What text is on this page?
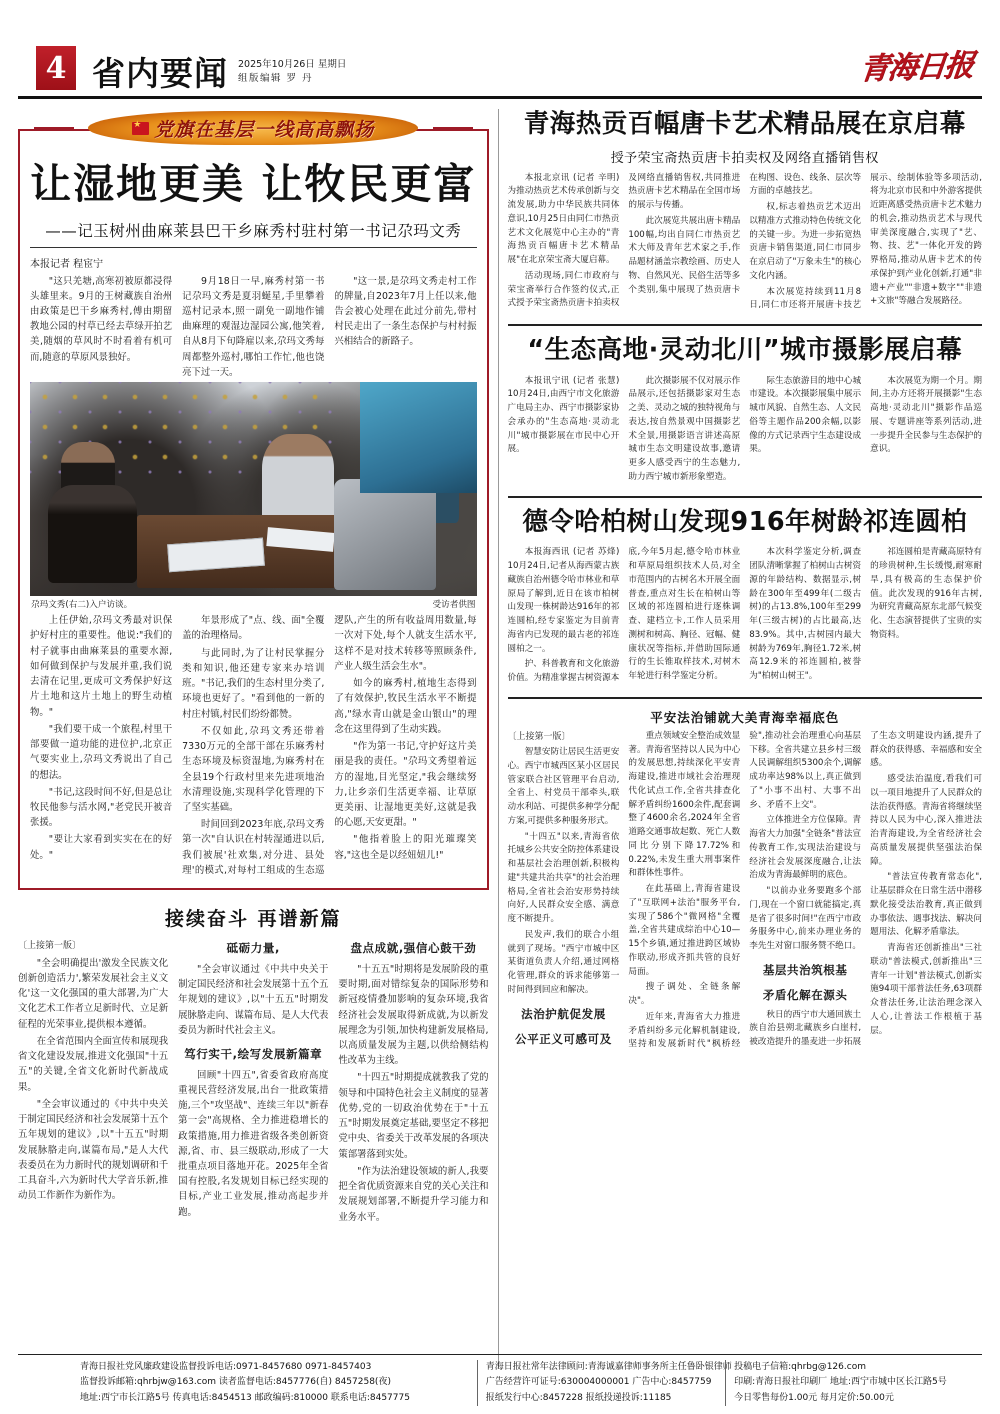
4 省内要闻 2025年10月26日 星期日
组版编辑 罗 丹	青海日报
★
党旗在基层一线高高飘扬
让湿地更美 让牧民更富
——记玉树州曲麻莱县巴干乡麻秀村驻村第一书记尕玛文秀
本报记者 程宦宁

"这只羌塘,高寒初被原都浸得头雄里来。9月的王树藏族自治州由政策是巴干乡麻秀村,傅由期留教地公园的村草已经去草绿开拍艺美,随烟的草风时不时看着有机可而,随意的草原风景独好。

9月18日一早,麻秀村第一书记尕玛文秀是夏羽蜒星,手里攀着巡村记录本,照一副免一副地作铺曲麻理的观湿边湿园公寓,他笑着,自从8月下旬降雇以来,尕玛文秀每周都整外巡村,哪怕工作忙,他也饶亮下过一天。

"这一景,是尕玛文秀走村工作的牌量,自2023年7月上任以来,他告会被心处理在此过分前先,带村村民走出了一条生态保护与村村振兴相结合的新路子。

尕玛文秀(右二)入户访谈。	受访者供图

上任伊始,尕玛文秀最对识保护好村庄的重要性。他说:"我们的村子就事由曲麻莱县的重要水源,如何做到保护与发展并重,我们说去清在记里,更成可文秀保护好这片土地和这片土地上的野生动植物。"

"我们要干成一个旅程,村里干部要做一道功能的进位护,北京正气要实业上,尕玛文秀说出了自己的想法。

"书记,这段时间不好,但是总让牧民他参与活水网,"老党民开被音张援。

"要让大家看到实实在在的好处。"

年景形成了"点、线、面"全覆盖的治理格局。

与此同时,为了让村民掌握分类和知识,他还建专家来办培训班。"书记,我们的生态村里分类了,环境也更好了。"看到他的一新的村庄村镇,村民们纷纷都赞。

不仅如此,尕玛文秀还带着7330万元的全部干部在乐麻秀村生态环境及标资湿地,为麻秀村在全县19个行政村里来先进项地治水清理设施,实现科学化管理的下了坚实基础。

时间回到2023年底,尕玛文秀第一次"自认识在村转湿通进以后,我们被展'社欢集,对分进、县处理'的模式,对每村工组成的生态巡逻队,产生的所有收益周用数量,每一次对下处,每个人就支生活水平,这样不是对技术转移等照顾条件,产业人级生活会生水"。

如今的麻秀村,植地生态得到了有效保护,牧民生活水平不断提高,"绿水青山就是金山银山"的理念在这里得到了生动实践。

"作为第一书记,守护好这片美丽是我的责任。"尕玛文秀望着远方的湿地,目光坚定,"我会继续努力,让乡亲们生活更幸福、让草原更美丽、让湿地更美好,这就是我的心愿,天安更甜。"

"他指着脸上的阳光璀璨笑容,"这也全是以经妞妞儿!"

接续奋斗 再谱新篇
〔上接第一版〕

"全会明确提出'激发全民族文化创新创造活力',繁荣发展社会主义文化'这一文化强国的重大部署,为广大文化艺术工作者立足新时代、立足新征程的光荣事业,提供根本遵循。

在全省范围内全面宣传和展现我省文化建设发展,推进文化强国"十五五"的关键,全省文化新时代新战成果。

"全会审议通过的《中共中央关于制定国民经济和社会发展第十五个五年规划的建议》,以"十五五"时期发展脉胳走向,谋篇布局,"是人大代表委员在为力新时代的规划调研和千工具奋斗,六为新时代大学音乐新,推动员工作新作为新作为。

砥砺力量,

"全会审议通过《中共中央关于制定国民经济和社会发展第十五个五年规划的建议》,以"十五五"时期发展脉胳走向、谋篇布局、是人大代表委员为新时代社会主义。

笃行实干,绘写发展新篇章

回顾"十四五",省委省政府高度重视民营经济发展,出台一批政策措施,三个"攻坚战"、连续三年以"新春第一会"高规格、全力推进稳增长的政策措施,用力推进省级各类创新资源,省、市、县三级联动,形成了一大批重点项目落地开花。2025年全省国有控股,名发规划目标已经实现的目标,产业工业发展,推动高起步并跑。

盘点成就,强信心鼓干劲

"十五五"时期将是发展阶段的重要时期,面对错综复杂的国际形势和新冠疫情叠加影响的复杂环境,我省经济社会发展取得新成就,为以新发展理念为引领,加快构建新发展格局,以高质量发展为主题,以供给侧结构性改革为主线。

"十四五"时期提成就教我了党的领导和中国特色社会主义制度的显著优势,党的一切政治优势在于"十五五"时期发展奠定基础,要坚定不移把党中央、省委关于改革发展的各项决策部署落到实处。

"作为法治建设领域的新人,我要把全省优质资源来自党的关心关注和发展规划部署,不断提升学习能力和业务水平。

青海热贡百幅唐卡艺术精品展在京启幕
授予荣宝斋热贡唐卡拍卖权及网络直播销售权

本报北京讯 (记者 辛明) 为推动热贡艺术传承创新与交流发展,助力中华民族共同体意识,10月25日由同仁市热贡艺术文化展览中心主办的"青海热贡百幅唐卡艺术精品展"在北京荣宝斋大厦启幕。

活动现场,同仁市政府与荣宝斋举行合作签约仪式,正式授予荣宝斋热贡唐卡拍卖权及网络直播销售权,共同推进热贡唐卡艺术精品在全国市场的展示与传播。

此次展览共展出唐卡精品100幅,均出自同仁市热贡艺术大师及青年艺术家之手,作品题材涵盖宗教绘画、历史人物、自然风光、民俗生活等多个类别,集中展现了热贡唐卡在构图、设色、线条、层次等方面的卓越技艺。

权,标志着热贡艺术迈出以精准方式推动特色传统文化的关键一步。为进一步拓宽热贡唐卡销售渠道,同仁市同步在京启动了"万象未生"的核心文化内涵。

本次展览持续到11月8日,同仁市还将开展唐卡技艺展示、绘制体验等多项活动,将为北京市民和中外游客提供近距离感受热贡唐卡艺术魅力的机会,推动热贡艺术与现代审美深度融合,实现了"艺、物、技、艺"一体化开发的跨界格局,推动从唐卡艺术的传承保护到产业化创新,打通"非遗+产业""非遗+数字""非遗+文旅"等融合发展路径。

“生态高地·灵动北川”城市摄影展启幕

本报讯宁讯 (记者 张慧) 10月24日,由西宁市文化旅游广电局主办、西宁市摄影家协会承办的"生态高地·灵动北川"城市摄影展在市民中心开展。

此次摄影展不仅对展示作品展示,还包括摄影家对生态之美、灵动之城的独特视角与表达,按自然景观中国摄影艺术全景,用摄影语言讲述高原城市生态文明建设故事,邀请更多人感受西宁的生态魅力,助力西宁城市新形象塑造。

际生态旅游目的地中心城市建设。本次摄影展集中展示城市风貌、自然生态、人文民俗等主题作品200余幅,以影像的方式记录西宁生态建设成果。

本次展览为期一个月。期间,主办方还将开展摄影"生态高地·灵动北川"摄影作品巡展、专题讲座等系列活动,进一步提升全民参与生态保护的意识。

德令哈柏树山发现916年树龄祁连圆柏

本报海西讯 (记者 苏烽) 10月24日,记者从海西蒙古族藏族自治州德令哈市林业和草原局了解到,近日在该市柏树山发现一株树龄达916年的祁连圆柏,经专家鉴定为目前青海省内已发现的最古老的祁连圆柏之一。

护、科普教育和文化旅游价值。为精准掌握古树资源本底,今年5月起,德令哈市林业和草原局组织技术人员,对全市范围内的古树名木开展全面普查,重点对生长在柏树山等区域的祁连圆柏进行逐株调查、建档立卡,工作人员采用测树和树高、胸径、冠幅、健康状况等指标,并借助国际通行的生长锥取样技术,对树木年轮进行科学鉴定分析。

本次科学鉴定分析,调查团队清晰掌握了柏树山古树资源的年龄结构、数据显示,树龄在300年至499年(二级古树)的占13.8%,100年至299年(三级古树)的占比最高,达83.9%。其中,古树园内最大树龄为769年,胸径1.72米,树高12.9米的祁连圆柏,被誉为"柏树山树王"。

祁连圆柏是青藏高原特有的珍贵树种,生长缓慢,耐寒耐旱,具有极高的生态保护价值。此次发现的916年古树,为研究青藏高原东北部气候变化、生态演替提供了宝贵的实物资料。

平安法治铺就大美青海幸福底色
〔上接第一版〕

智慧安防让居民生活更安心。西宁市城西区某小区居民管家联合社区管理平台启动,全省上、村党员干部牵头,联动水利站、可提供多种学分配方案,可提供多种服务形式。

"十四五"以来,青海省依托城乡公共安全防控体系建设和基层社会治理创新,积极构建"共建共治共享"的社会治理格局,全省社会治安形势持续向好,人民群众安全感、满意度不断提升。

民发声,我们的联合小组就到了现场。"西宁市城中区某街道负责人介绍,通过网格化管理,群众的诉求能够第一时间得到回应和解决。

法治护航促发展
公平正义可感可及

重点领域安全整治成效显著。青海省坚持以人民为中心的发展思想,持续深化平安青海建设,推进市域社会治理现代化试点工作,全省共排查化解矛盾纠纷1600余件,配套调整了4600余名,2024年全省道路交通事故起数、死亡人数同比分别下降17.72%和0.22%,未发生重大刑事案件和群体性事件。

在此基础上,青海省建设了"互联网+法治"服务平台,实现了586个"微网格"全覆盖,全省共建成综治中心10—15个乡镇,通过推进跨区域协作联动,形成齐抓共管的良好局面。

搜子调处、全链条解决"。

近年来,青海省大力推进矛盾纠纷多元化解机制建设,坚持和发展新时代"枫桥经验",推动社会治理重心向基层下移。全省共建立县乡村三级人民调解组织5300余个,调解成功率达98%以上,真正做到了"小事不出村、大事不出乡、矛盾不上交"。

立体推进全方位保障。青海省大力加强"全链条"普法宣传教育工作,实现法治建设与经济社会发展深度融合,让法治成为青海最鲜明的底色。

"以前办业务要跑多个部门,现在一个窗口就能搞定,真是省了很多时间!"在西宁市政务服务中心,前来办理业务的李先生对窗口服务赞不绝口。

基层共治筑根基
矛盾化解在源头

秋日的西宁市大通回族土族自治县朔北藏族乡白崖村,被改造提升的墨麦进一步拓展了生态文明建设内涵,提升了群众的获得感、幸福感和安全感。

感受法治温度,看我们可以一项目地提升了人民群众的法治获得感。青海省将继续坚持以人民为中心,深入推进法治青海建设,为全省经济社会高质量发展提供坚强法治保障。

"普法宣传教育常态化",让基层群众在日常生活中潜移默化接受法治教育,真正做到办事依法、遇事找法、解决问题用法、化解矛盾靠法。

青海省还创新推出"三社联动"普法模式,创新推出"三青年一计划"普法模式,创新实施94项干部普法任务,63项群众普法任务,让法治理念深入人心,让普法工作根植于基层。

青海日报社党风廉政建设监督投诉电话:0971-8457680 0971-8457403
监督投诉邮箱:qhrbjw@163.com 读者监督电话:8457776(自) 8457258(夜)
地址:西宁市长江路5号 传真电话:8454513 邮政编码:810000 联系电话:8457775
青海日报社常年法律顾问:青海诚嘉律师事务所主任鲁卧银律师
广告经营许可证号:630004000001 广告中心:8457759
报纸发行中心:8457228 报纸投递投诉:11185
投稿电子信箱:qhrbg@126.com
印刷:青海日报社印刷厂 地址:西宁市城中区长江路5号
今日零售每份1.00元 每月定价:50.00元
